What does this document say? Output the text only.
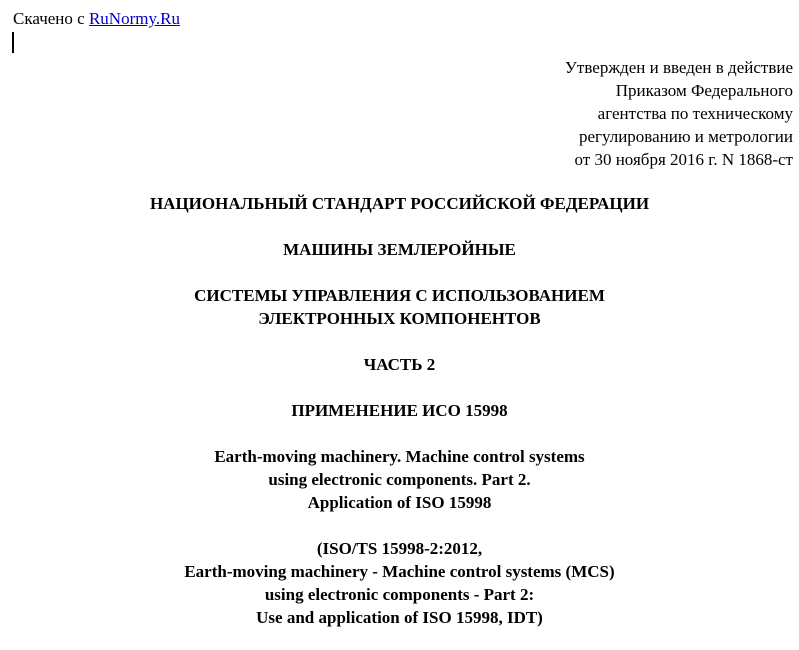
Скачено с RuNormy.Ru
Утвержден и введен в действие
Приказом Федерального
агентства по техническому
регулированию и метрологии
от 30 ноября 2016 г. N 1868-ст
НАЦИОНАЛЬНЫЙ СТАНДАРТ РОССИЙСКОЙ ФЕДЕРАЦИИ
МАШИНЫ ЗЕМЛЕРОЙНЫЕ
СИСТЕМЫ УПРАВЛЕНИЯ С ИСПОЛЬЗОВАНИЕМ
ЭЛЕКТРОННЫХ КОМПОНЕНТОВ
ЧАСТЬ 2
ПРИМЕНЕНИЕ ИСО 15998
Earth-moving machinery. Machine control systems
using electronic components. Part 2.
Application of ISO 15998
(ISO/TS 15998-2:2012,
Earth-moving machinery - Machine control systems (MCS)
using electronic components - Part 2:
Use and application of ISO 15998, IDT)
